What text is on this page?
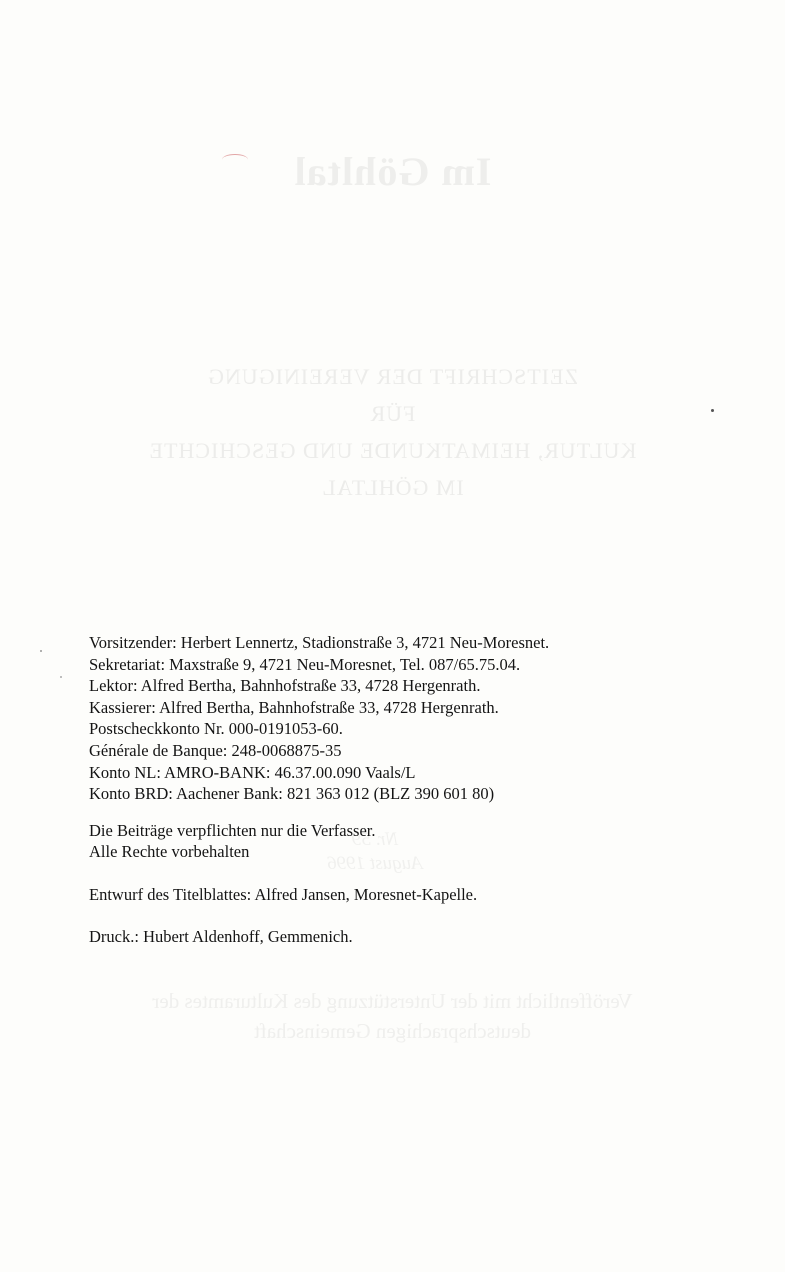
Im Göhltal
ZEITSCHRIFT DER VEREINIGUNG
FÜR
KULTUR, HEIMATKUNDE UND GESCHICHTE
IM GÖHLTAL
Nr. 59
August 1996
Veröffentlicht mit der Unterstützung des Kulturamtes der
deutschsprachigen Gemeinschaft

Vorsitzender: Herbert Lennertz, Stadionstraße 3, 4721 Neu-Moresnet.

Sekretariat: Maxstraße 9, 4721 Neu-Moresnet, Tel. 087/65.75.04.

Lektor: Alfred Bertha, Bahnhofstraße 33, 4728 Hergenrath.

Kassierer: Alfred Bertha, Bahnhofstraße 33, 4728 Hergenrath.

Postscheckkonto Nr. 000-0191053-60.

Générale de Banque: 248-0068875-35

Konto NL: AMRO-BANK: 46.37.00.090 Vaals/L

Konto BRD: Aachener Bank: 821 363 012 (BLZ 390 601 80)

Die Beiträge verpflichten nur die Verfasser.

Alle Rechte vorbehalten

Entwurf des Titelblattes: Alfred Jansen, Moresnet-Kapelle.

Druck.: Hubert Aldenhoff, Gemmenich.
